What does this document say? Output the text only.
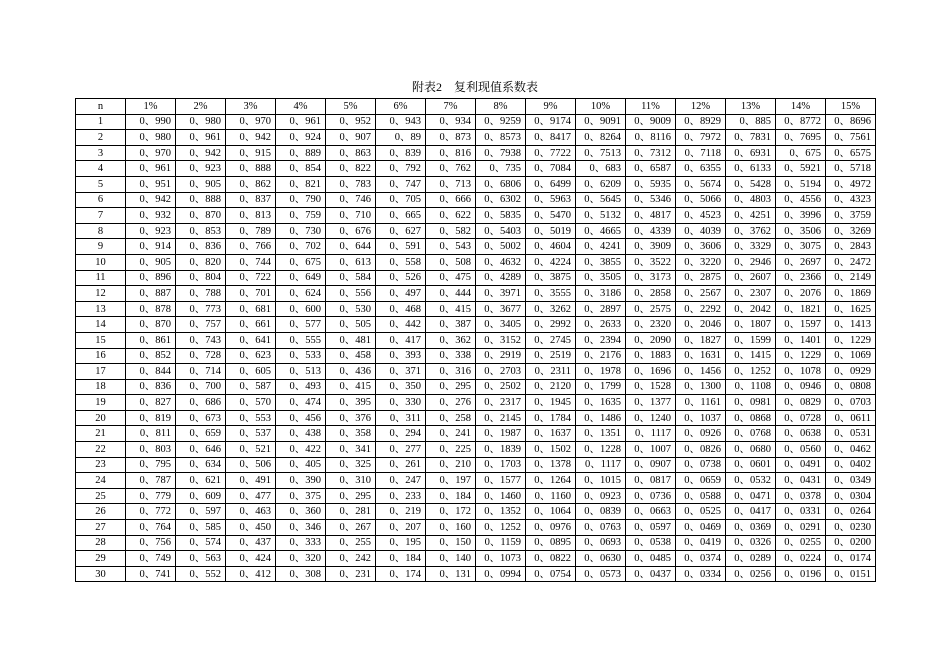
附表2　复利现值系数表
n	1%	2%	3%	4%	5%	6%	7%	8%	9%	10%	11%	12%	13%	14%	15%
1	0、990	0、980	0、970	0、961	0、952	0、943	0、934	0、9259	0、9174	0、9091	0、9009	0、8929	0、885	0、8772	0、8696
2	0、980	0、961	0、942	0、924	0、907	0、89	0、873	0、8573	0、8417	0、8264	0、8116	0、7972	0、7831	0、7695	0、7561
3	0、970	0、942	0、915	0、889	0、863	0、839	0、816	0、7938	0、7722	0、7513	0、7312	0、7118	0、6931	0、675	0、6575
4	0、961	0、923	0、888	0、854	0、822	0、792	0、762	0、735	0、7084	0、683	0、6587	0、6355	0、6133	0、5921	0、5718
5	0、951	0、905	0、862	0、821	0、783	0、747	0、713	0、6806	0、6499	0、6209	0、5935	0、5674	0、5428	0、5194	0、4972
6	0、942	0、888	0、837	0、790	0、746	0、705	0、666	0、6302	0、5963	0、5645	0、5346	0、5066	0、4803	0、4556	0、4323
7	0、932	0、870	0、813	0、759	0、710	0、665	0、622	0、5835	0、5470	0、5132	0、4817	0、4523	0、4251	0、3996	0、3759
8	0、923	0、853	0、789	0、730	0、676	0、627	0、582	0、5403	0、5019	0、4665	0、4339	0、4039	0、3762	0、3506	0、3269
9	0、914	0、836	0、766	0、702	0、644	0、591	0、543	0、5002	0、4604	0、4241	0、3909	0、3606	0、3329	0、3075	0、2843
10	0、905	0、820	0、744	0、675	0、613	0、558	0、508	0、4632	0、4224	0、3855	0、3522	0、3220	0、2946	0、2697	0、2472
11	0、896	0、804	0、722	0、649	0、584	0、526	0、475	0、4289	0、3875	0、3505	0、3173	0、2875	0、2607	0、2366	0、2149
12	0、887	0、788	0、701	0、624	0、556	0、497	0、444	0、3971	0、3555	0、3186	0、2858	0、2567	0、2307	0、2076	0、1869
13	0、878	0、773	0、681	0、600	0、530	0、468	0、415	0、3677	0、3262	0、2897	0、2575	0、2292	0、2042	0、1821	0、1625
14	0、870	0、757	0、661	0、577	0、505	0、442	0、387	0、3405	0、2992	0、2633	0、2320	0、2046	0、1807	0、1597	0、1413
15	0、861	0、743	0、641	0、555	0、481	0、417	0、362	0、3152	0、2745	0、2394	0、2090	0、1827	0、1599	0、1401	0、1229
16	0、852	0、728	0、623	0、533	0、458	0、393	0、338	0、2919	0、2519	0、2176	0、1883	0、1631	0、1415	0、1229	0、1069
17	0、844	0、714	0、605	0、513	0、436	0、371	0、316	0、2703	0、2311	0、1978	0、1696	0、1456	0、1252	0、1078	0、0929
18	0、836	0、700	0、587	0、493	0、415	0、350	0、295	0、2502	0、2120	0、1799	0、1528	0、1300	0、1108	0、0946	0、0808
19	0、827	0、686	0、570	0、474	0、395	0、330	0、276	0、2317	0、1945	0、1635	0、1377	0、1161	0、0981	0、0829	0、0703
20	0、819	0、673	0、553	0、456	0、376	0、311	0、258	0、2145	0、1784	0、1486	0、1240	0、1037	0、0868	0、0728	0、0611
21	0、811	0、659	0、537	0、438	0、358	0、294	0、241	0、1987	0、1637	0、1351	0、1117	0、0926	0、0768	0、0638	0、0531
22	0、803	0、646	0、521	0、422	0、341	0、277	0、225	0、1839	0、1502	0、1228	0、1007	0、0826	0、0680	0、0560	0、0462
23	0、795	0、634	0、506	0、405	0、325	0、261	0、210	0、1703	0、1378	0、1117	0、0907	0、0738	0、0601	0、0491	0、0402
24	0、787	0、621	0、491	0、390	0、310	0、247	0、197	0、1577	0、1264	0、1015	0、0817	0、0659	0、0532	0、0431	0、0349
25	0、779	0、609	0、477	0、375	0、295	0、233	0、184	0、1460	0、1160	0、0923	0、0736	0、0588	0、0471	0、0378	0、0304
26	0、772	0、597	0、463	0、360	0、281	0、219	0、172	0、1352	0、1064	0、0839	0、0663	0、0525	0、0417	0、0331	0、0264
27	0、764	0、585	0、450	0、346	0、267	0、207	0、160	0、1252	0、0976	0、0763	0、0597	0、0469	0、0369	0、0291	0、0230
28	0、756	0、574	0、437	0、333	0、255	0、195	0、150	0、1159	0、0895	0、0693	0、0538	0、0419	0、0326	0、0255	0、0200
29	0、749	0、563	0、424	0、320	0、242	0、184	0、140	0、1073	0、0822	0、0630	0、0485	0、0374	0、0289	0、0224	0、0174
30	0、741	0、552	0、412	0、308	0、231	0、174	0、131	0、0994	0、0754	0、0573	0、0437	0、0334	0、0256	0、0196	0、0151
